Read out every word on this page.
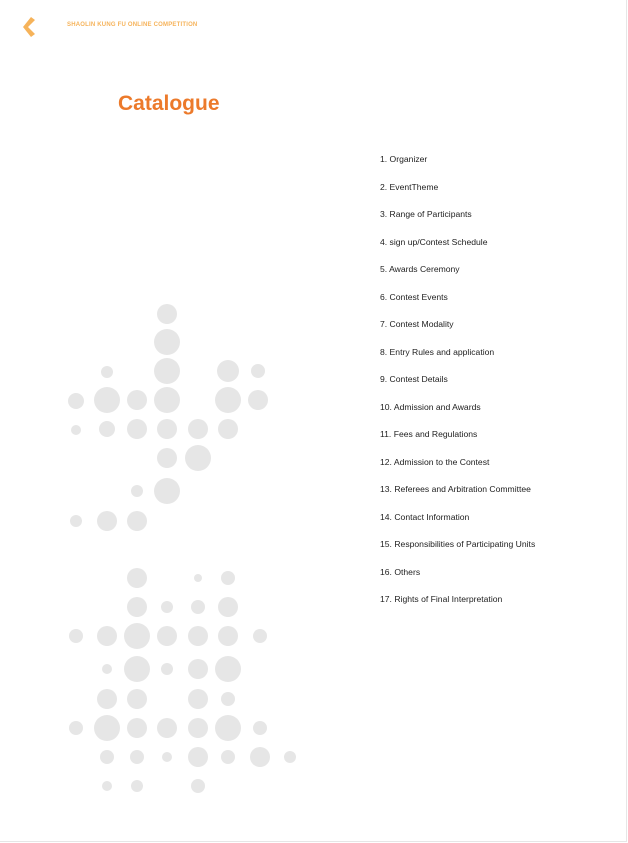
SHAOLIN KUNG FU ONLINE COMPETITION
Catalogue
1. Organizer
2. EventTheme
3. Range of Participants
4. sign up/Contest Schedule
5. Awards Ceremony
6. Contest Events
7. Contest Modality
8. Entry Rules and application
9. Contest Details
10. Admission and Awards
11. Fees and Regulations
12. Admission to the Contest
13. Referees and Arbitration Committee
14. Contact Information
15. Responsibilities of Participating Units
16. Others
17. Rights of Final Interpretation
